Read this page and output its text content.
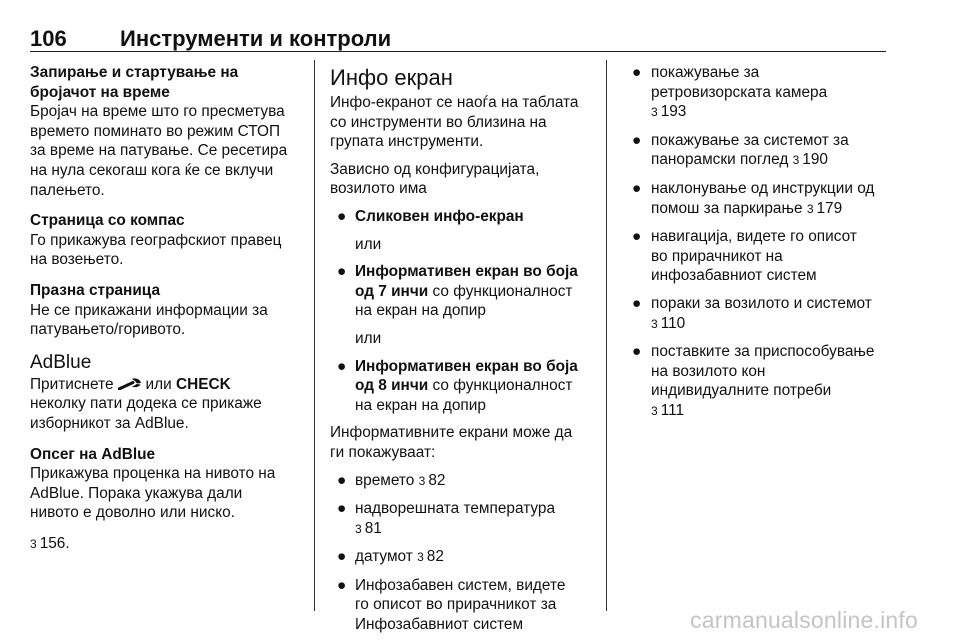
106 Инструменти и контроли
Запирање и стартување на
бројачот на време
Бројач на време што го пресметува
времето поминато во режим СТОП
за време на патување. Се ресетира
на нула секогаш кога ќе се вклучи
палењето.
Страница со компас
Го прикажува географскиот правец
на возењето.
Празна страница
Не се прикажани информации за
патувањето/горивото.
AdBlue
Притиснете или CHECK
неколку пати додека се прикаже
изборникот за AdBlue.
Опсег на AdBlue
Прикажува проценка на нивото на
AdBlue. Порака укажува дали
нивото е доволно или ниско.
3 156.
Инфо екран
Инфо-екранот се наоѓа на таблата
со инструменти во близина на
групата инструменти.
Зависно од конфигурацијата,
возилото има
● Сликовен инфо-екран
или
● Информативен екран во боја
од 7 инчи со функционалност
на екран на допир
или
● Информативен екран во боја
од 8 инчи со функционалност
на екран на допир
Информативните екрани може да
ги покажуваат:
● времето 3 82
● надворешната температура
3 81
● датумот 3 82
● Инфозабавен систем, видете
го описот во прирачникот за
Инфозабавниот систем
● покажување за
ретровизорската камера
3 193
● покажување за системот за
панорамски поглед 3 190
● наклонување од инструкции од
помош за паркирање 3 179
● навигација, видете го описот
во прирачникот на
инфозабавниот систем
● пораки за возилото и системот
3 110
● поставките за приспособување
на возилото кон
индивидуалните потреби
3 111
carmanualsonline.info
